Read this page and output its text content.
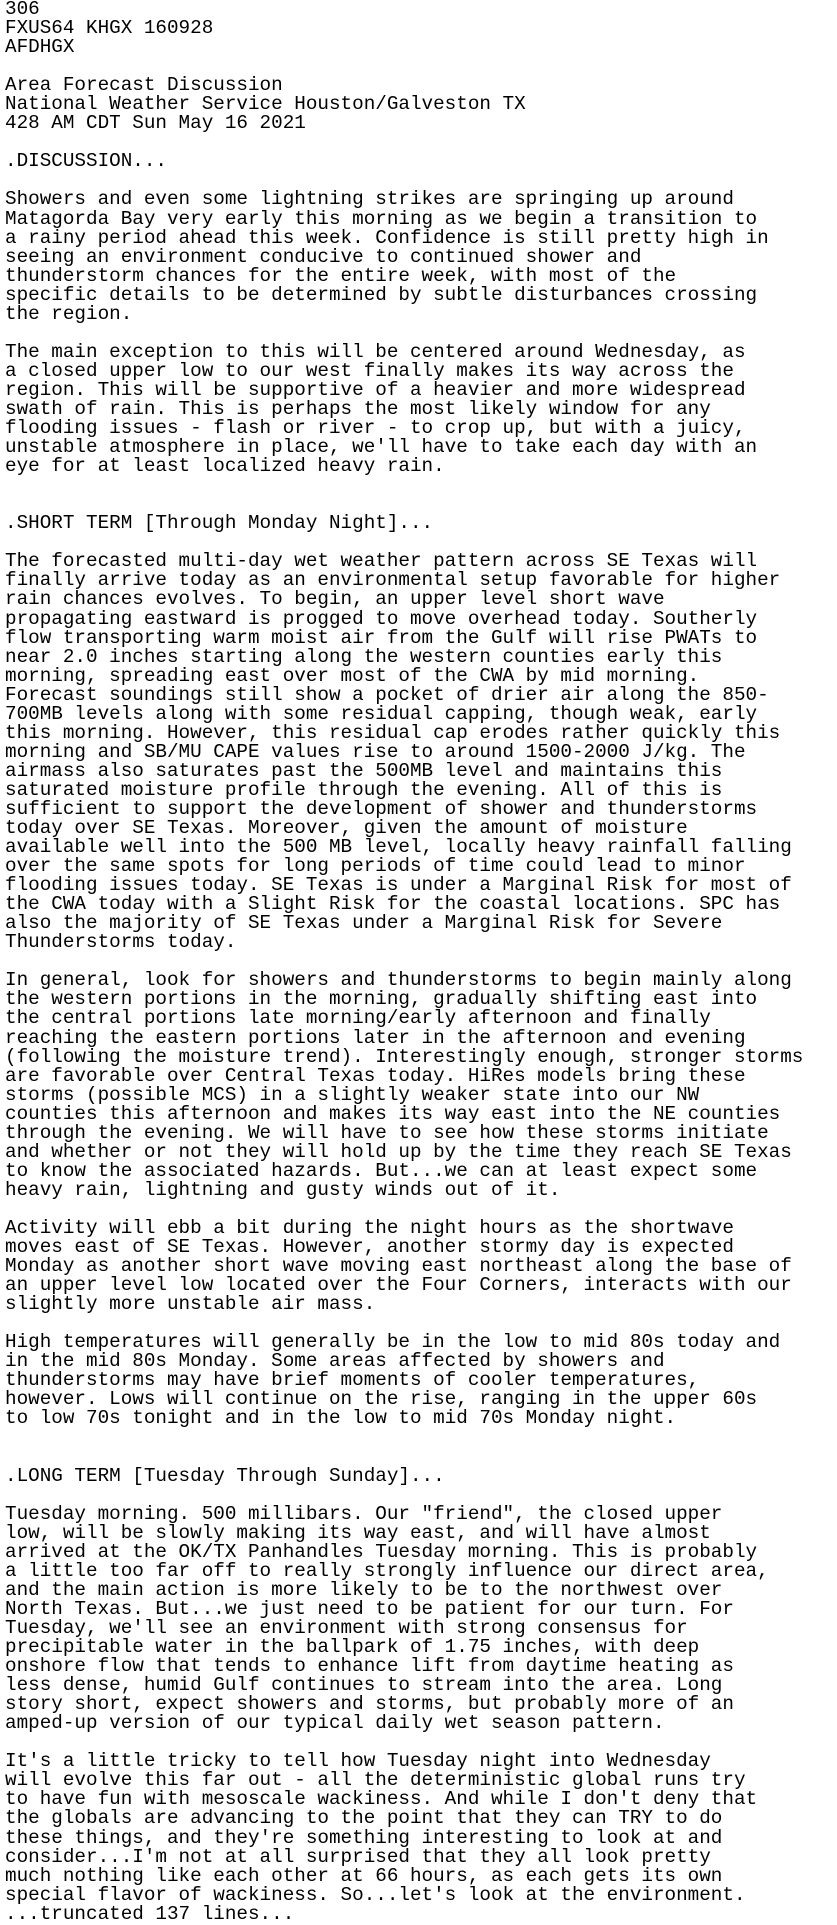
306
FXUS64 KHGX 160928
AFDHGX

Area Forecast Discussion
National Weather Service Houston/Galveston TX
428 AM CDT Sun May 16 2021

.DISCUSSION...

Showers and even some lightning strikes are springing up around
Matagorda Bay very early this morning as we begin a transition to
a rainy period ahead this week. Confidence is still pretty high in
seeing an environment conducive to continued shower and
thunderstorm chances for the entire week, with most of the
specific details to be determined by subtle disturbances crossing
the region.

The main exception to this will be centered around Wednesday, as
a closed upper low to our west finally makes its way across the
region. This will be supportive of a heavier and more widespread
swath of rain. This is perhaps the most likely window for any
flooding issues - flash or river - to crop up, but with a juicy,
unstable atmosphere in place, we'll have to take each day with an
eye for at least localized heavy rain.

.SHORT TERM [Through Monday Night]...

The forecasted multi-day wet weather pattern across SE Texas will
finally arrive today as an environmental setup favorable for higher
rain chances evolves. To begin, an upper level short wave
propagating eastward is progged to move overhead today. Southerly
flow transporting warm moist air from the Gulf will rise PWATs to
near 2.0 inches starting along the western counties early this
morning, spreading east over most of the CWA by mid morning.
Forecast soundings still show a pocket of drier air along the 850-
700MB levels along with some residual capping, though weak, early
this morning. However, this residual cap erodes rather quickly this
morning and SB/MU CAPE values rise to around 1500-2000 J/kg. The
airmass also saturates past the 500MB level and maintains this
saturated moisture profile through the evening. All of this is
sufficient to support the development of shower and thunderstorms
today over SE Texas. Moreover, given the amount of moisture
available well into the 500 MB level, locally heavy rainfall falling
over the same spots for long periods of time could lead to minor
flooding issues today. SE Texas is under a Marginal Risk for most of
the CWA today with a Slight Risk for the coastal locations. SPC has
also the majority of SE Texas under a Marginal Risk for Severe
Thunderstorms today.

In general, look for showers and thunderstorms to begin mainly along
the western portions in the morning, gradually shifting east into
the central portions late morning/early afternoon and finally
reaching the eastern portions later in the afternoon and evening
(following the moisture trend). Interestingly enough, stronger storms
are favorable over Central Texas today. HiRes models bring these
storms (possible MCS) in a slightly weaker state into our NW
counties this afternoon and makes its way east into the NE counties
through the evening. We will have to see how these storms initiate
and whether or not they will hold up by the time they reach SE Texas
to know the associated hazards. But...we can at least expect some
heavy rain, lightning and gusty winds out of it.

Activity will ebb a bit during the night hours as the shortwave
moves east of SE Texas. However, another stormy day is expected
Monday as another short wave moving east northeast along the base of
an upper level low located over the Four Corners, interacts with our
slightly more unstable air mass.

High temperatures will generally be in the low to mid 80s today and
in the mid 80s Monday. Some areas affected by showers and
thunderstorms may have brief moments of cooler temperatures,
however. Lows will continue on the rise, ranging in the upper 60s
to low 70s tonight and in the low to mid 70s Monday night.

.LONG TERM [Tuesday Through Sunday]...

Tuesday morning. 500 millibars. Our "friend", the closed upper
low, will be slowly making its way east, and will have almost
arrived at the OK/TX Panhandles Tuesday morning. This is probably
a little too far off to really strongly influence our direct area,
and the main action is more likely to be to the northwest over
North Texas. But...we just need to be patient for our turn. For
Tuesday, we'll see an environment with strong consensus for
precipitable water in the ballpark of 1.75 inches, with deep
onshore flow that tends to enhance lift from daytime heating as
less dense, humid Gulf continues to stream into the area. Long
story short, expect showers and storms, but probably more of an
amped-up version of our typical daily wet season pattern.

It's a little tricky to tell how Tuesday night into Wednesday
will evolve this far out - all the deterministic global runs try
to have fun with mesoscale wackiness. And while I don't deny that
the globals are advancing to the point that they can TRY to do
these things, and they're something interesting to look at and
consider...I'm not at all surprised that they all look pretty
much nothing like each other at 66 hours, as each gets its own
special flavor of wackiness. So...let's look at the environment.
...truncated 137 lines...
